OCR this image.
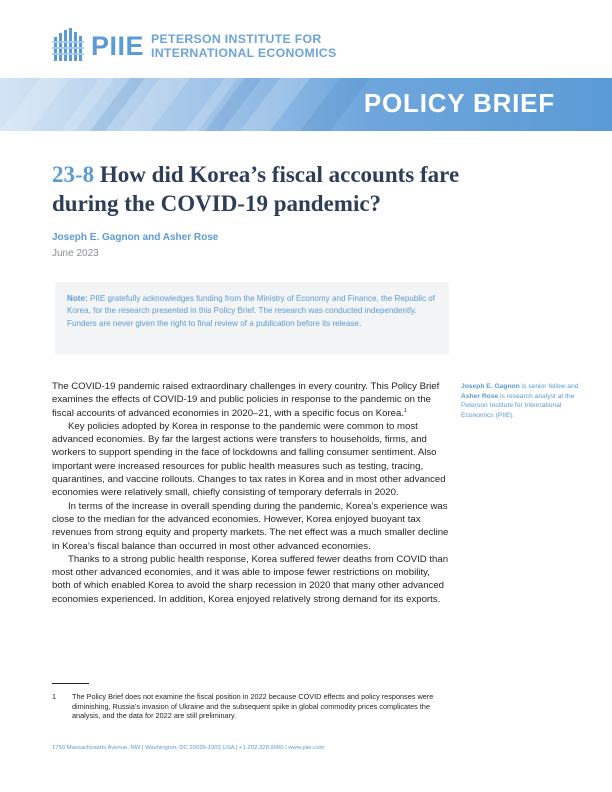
PIIE PETERSON INSTITUTE FOR
INTERNATIONAL ECONOMICS
POLICY BRIEF
23-8 How did Korea’s fiscal accounts fare during the COVID-19 pandemic?
Joseph E. Gagnon and Asher Rose
June 2023
Note: PIIE gratefully acknowledges funding from the Ministry of Economy and Finance, the Republic of Korea, for the research presented in this Policy Brief. The research was conducted independently. Funders are never given the right to final review of a publication before its release.

The COVID-19 pandemic raised extraordinary challenges in every country. This Policy Brief examines the effects of COVID-19 and public policies in response to the pandemic on the fiscal accounts of advanced economies in 2020–21, with a specific focus on Korea.$^1$

Key policies adopted by Korea in response to the pandemic were common to most advanced economies. By far the largest actions were transfers to households, firms, and workers to support spending in the face of lockdowns and falling consumer sentiment. Also important were increased resources for public health measures such as testing, tracing, quarantines, and vaccine rollouts. Changes to tax rates in Korea and in most other advanced economies were relatively small, chiefly consisting of temporary deferrals in 2020.

In terms of the increase in overall spending during the pandemic, Korea’s experience was close to the median for the advanced economies. However, Korea enjoyed buoyant tax revenues from strong equity and property markets. The net effect was a much smaller decline in Korea’s fiscal balance than occurred in most other advanced economies.

Thanks to a strong public health response, Korea suffered fewer deaths from COVID than most other advanced economies, and it was able to impose fewer restrictions on mobility, both of which enabled Korea to avoid the sharp recession in 2020 that many other advanced economies experienced. In addition, Korea enjoyed relatively strong demand for its exports.

Joseph E. Gagnon is senior fellow and Asher Rose is research analyst at the Peterson Institute for International Economics (PIIE).
1	The Policy Brief does not examine the fiscal position in 2022 because COVID effects and policy responses were diminishing, Russia’s invasion of Ukraine and the subsequent spike in global commodity prices complicates the analysis, and the data for 2022 are still preliminary.
1750 Massachusetts Avenue, NW | Washington, DC 20036-1903 USA | +1.202.328.9000 | www.piie.com
